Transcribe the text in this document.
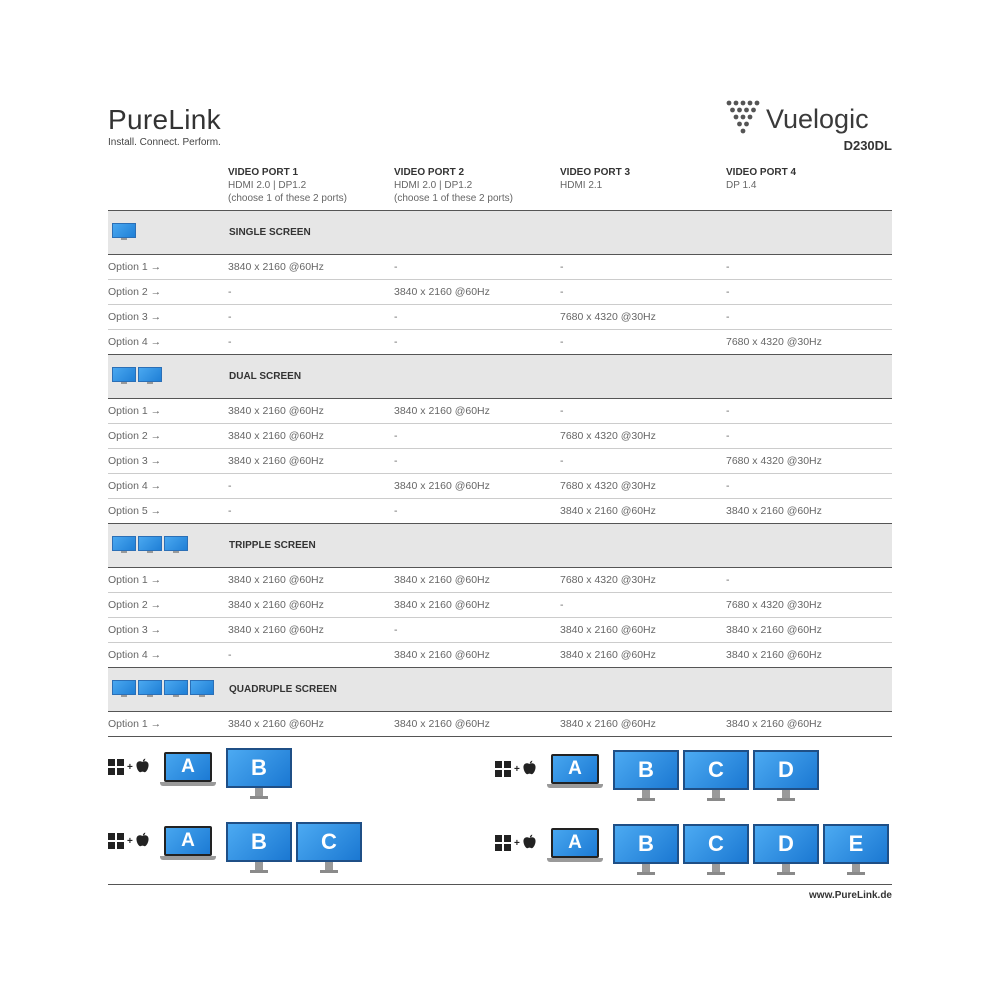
PureLink
Install. Connect. Perform.
Vuelogic
D230DL
VIDEO PORT 1
HDMI 2.0 | DP1.2
(choose 1 of these 2 ports)
VIDEO PORT 2
HDMI 2.0 | DP1.2
(choose 1 of these 2 ports)
VIDEO PORT 3
HDMI 2.1
VIDEO PORT 4
DP 1.4
SINGLE SCREEN
Option 1 →	3840 x 2160 @60Hz	-	-	-
Option 2 →	-	3840 x 2160 @60Hz	-	-
Option 3 →	-	-	7680 x 4320 @30Hz	-
Option 4 →	-	-	-	7680 x 4320 @30Hz
DUAL SCREEN
Option 1 →	3840 x 2160 @60Hz	3840 x 2160 @60Hz	-	-
Option 2 →	3840 x 2160 @60Hz	-	7680 x 4320 @30Hz	-
Option 3 →	3840 x 2160 @60Hz	-	-	7680 x 4320 @30Hz
Option 4 →	-	3840 x 2160 @60Hz	7680 x 4320 @30Hz	-
Option 5 →	-	-	3840 x 2160 @60Hz	3840 x 2160 @60Hz
TRIPPLE SCREEN
Option 1 →	3840 x 2160 @60Hz	3840 x 2160 @60Hz	7680 x 4320 @30Hz	-
Option 2 →	3840 x 2160 @60Hz	3840 x 2160 @60Hz	-	7680 x 4320 @30Hz
Option 3 →	3840 x 2160 @60Hz	-	3840 x 2160 @60Hz	3840 x 2160 @60Hz
Option 4 →	-	3840 x 2160 @60Hz	3840 x 2160 @60Hz	3840 x 2160 @60Hz
QUADRUPLE SCREEN
Option 1 →	3840 x 2160 @60Hz	3840 x 2160 @60Hz	3840 x 2160 @60Hz	3840 x 2160 @60Hz
+	A	B	+	A	B	C	D
+	A	B	C	+	A	B	C	D	E
www.PureLink.de
